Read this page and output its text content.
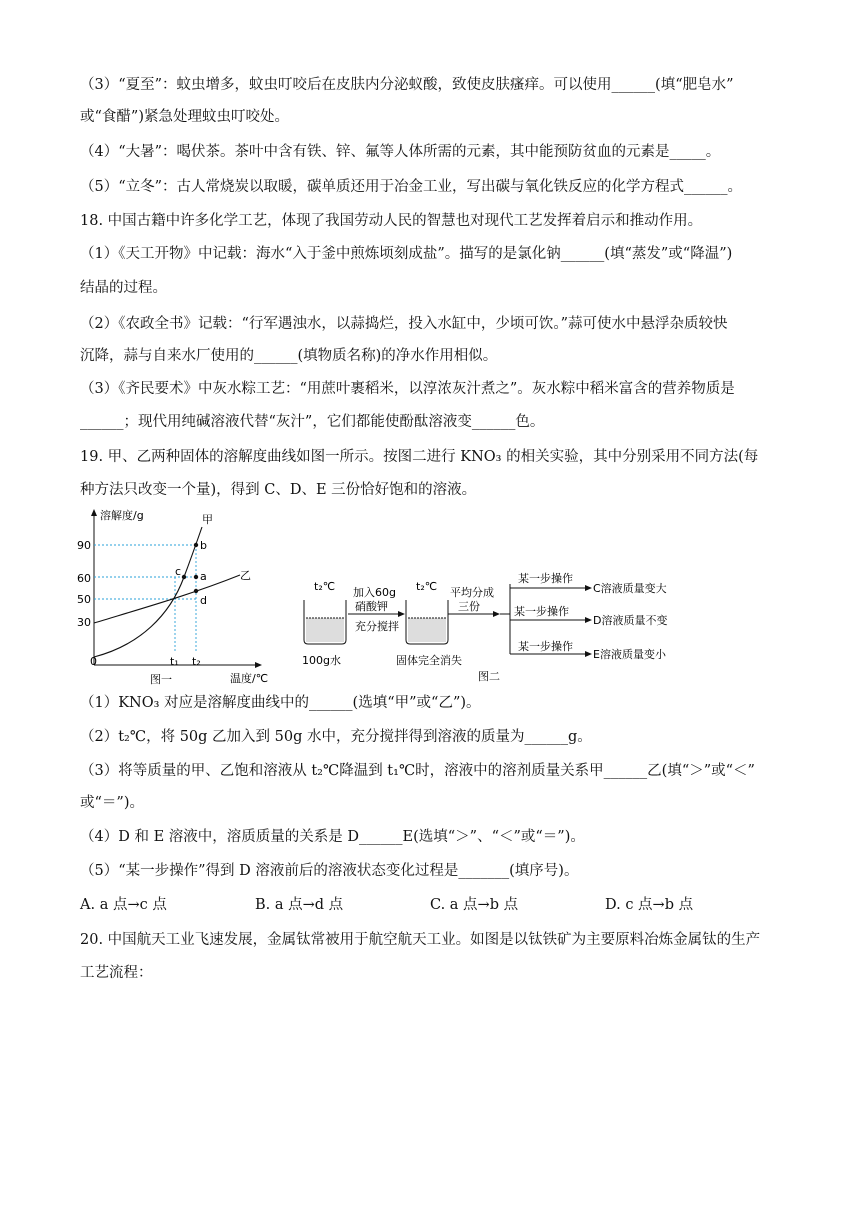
（3）“夏至”：蚊虫增多，蚊虫叮咬后在皮肤内分泌蚁酸，致使皮肤瘙痒。可以使用______(填“肥皂水”
或“食醋”)紧急处理蚊虫叮咬处。
（4）“大暑”：喝伏茶。茶叶中含有铁、锌、氟等人体所需的元素，其中能预防贫血的元素是_____。
（5）“立冬”：古人常烧炭以取暖，碳单质还用于冶金工业，写出碳与氧化铁反应的化学方程式______。
18. 中国古籍中许多化学工艺，体现了我国劳动人民的智慧也对现代工艺发挥着启示和推动作用。
（1）《天工开物》中记载：海水“入于釜中煎炼顷刻成盐”。描写的是氯化钠______(填“蒸发”或“降温”)
结晶的过程。
（2）《农政全书》记载：“行军遇浊水，以蒜捣烂，投入水缸中，少顷可饮。”蒜可使水中悬浮杂质较快
沉降，蒜与自来水厂使用的______(填物质名称)的净水作用相似。
（3）《齐民要术》中灰水粽工艺：“用蔗叶裹稻米，以淳浓灰汁煮之”。灰水粽中稻米富含的营养物质是
______；现代用纯碱溶液代替“灰汁”，它们都能使酚酞溶液变______色。
19. 甲、乙两种固体的溶解度曲线如图一所示。按图二进行 KNO₃ 的相关实验，其中分别采用不同方法(每
种方法只改变一个量)，得到 C、D、E 三份恰好饱和的溶液。
溶解度/g
温度/℃
90
60
50
30
0
甲
乙
b
c a
d
t₁ t₂
图一
t₂℃
100g水
加入60g
硝酸钾
充分搅拌
t₂℃
固体完全消失
平均分成
三份
某一步操作
某一步操作
某一步操作
C溶液质量变大
D溶液质量不变
E溶液质量变小
图二
（1）KNO₃ 对应是溶解度曲线中的______(选填“甲”或“乙”)。
（2）t₂℃，将 50g 乙加入到 50g 水中，充分搅拌得到溶液的质量为______g。
（3）将等质量的甲、乙饱和溶液从 t₂℃降温到 t₁℃时，溶液中的溶剂质量关系甲______乙(填“＞”或“＜”
或“＝”)。
（4）D 和 E 溶液中，溶质质量的关系是 D______E(选填“＞”、“＜”或“＝”)。
（5）“某一步操作”得到 D 溶液前后的溶液状态变化过程是_______(填序号)。
A. a 点→c 点	B. a 点→d 点	C. a 点→b 点	D. c 点→b 点
20. 中国航天工业飞速发展，金属钛常被用于航空航天工业。如图是以钛铁矿为主要原料冶炼金属钛的生产
工艺流程：
